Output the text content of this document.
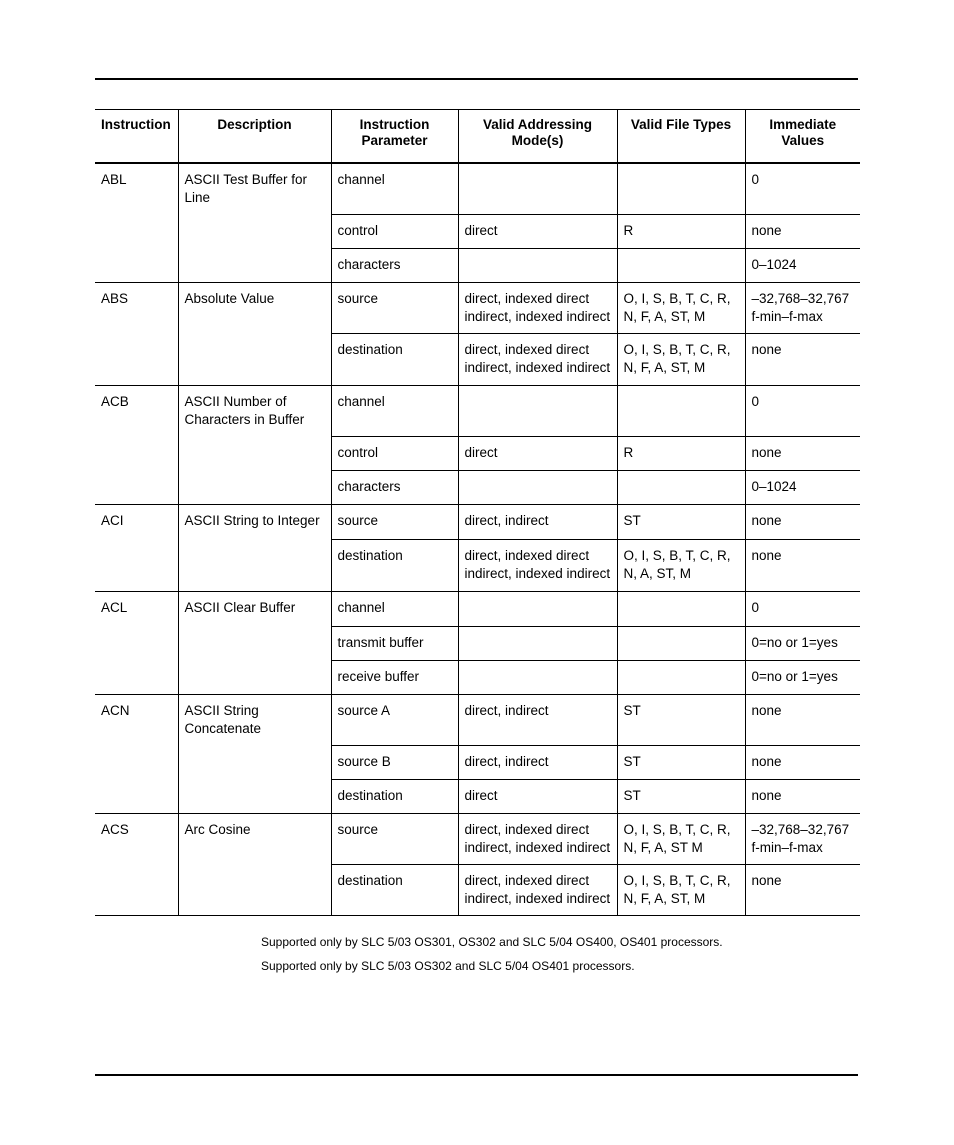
Instruction	Description	Instruction Parameter	Valid Addressing Mode(s)	Valid File Types	Immediate Values
ABL	ASCII Test Buffer for Line	channel			0
		control	direct	R	none
		characters			0–1024
ABS	Absolute Value	source	direct, indexed direct indirect, indexed indirect	O, I, S, B, T, C, R, N, F, A, ST, M	–32,768–32,767 f-min–f-max
		destination	direct, indexed direct indirect, indexed indirect	O, I, S, B, T, C, R, N, F, A, ST, M	none
ACB	ASCII Number of Characters in Buffer	channel			0
		control	direct	R	none
		characters			0–1024
ACI	ASCII String to Integer	source	direct, indirect	ST	none
		destination	direct, indexed direct indirect, indexed indirect	O, I, S, B, T, C, R, N, A, ST, M	none
ACL	ASCII Clear Buffer	channel			0
		transmit buffer			0=no or 1=yes
		receive buffer			0=no or 1=yes
ACN	ASCII String Concatenate	source A	direct, indirect	ST	none
		source B	direct, indirect	ST	none
		destination	direct	ST	none
ACS	Arc Cosine	source	direct, indexed direct indirect, indexed indirect	O, I, S, B, T, C, R, N, F, A, ST M	–32,768–32,767 f-min–f-max
		destination	direct, indexed direct indirect, indexed indirect	O, I, S, B, T, C, R, N, F, A, ST, M	none
Supported only by SLC 5/03 OS301, OS302 and SLC 5/04 OS400, OS401 processors.
Supported only by SLC 5/03 OS302 and SLC 5/04 OS401 processors.
